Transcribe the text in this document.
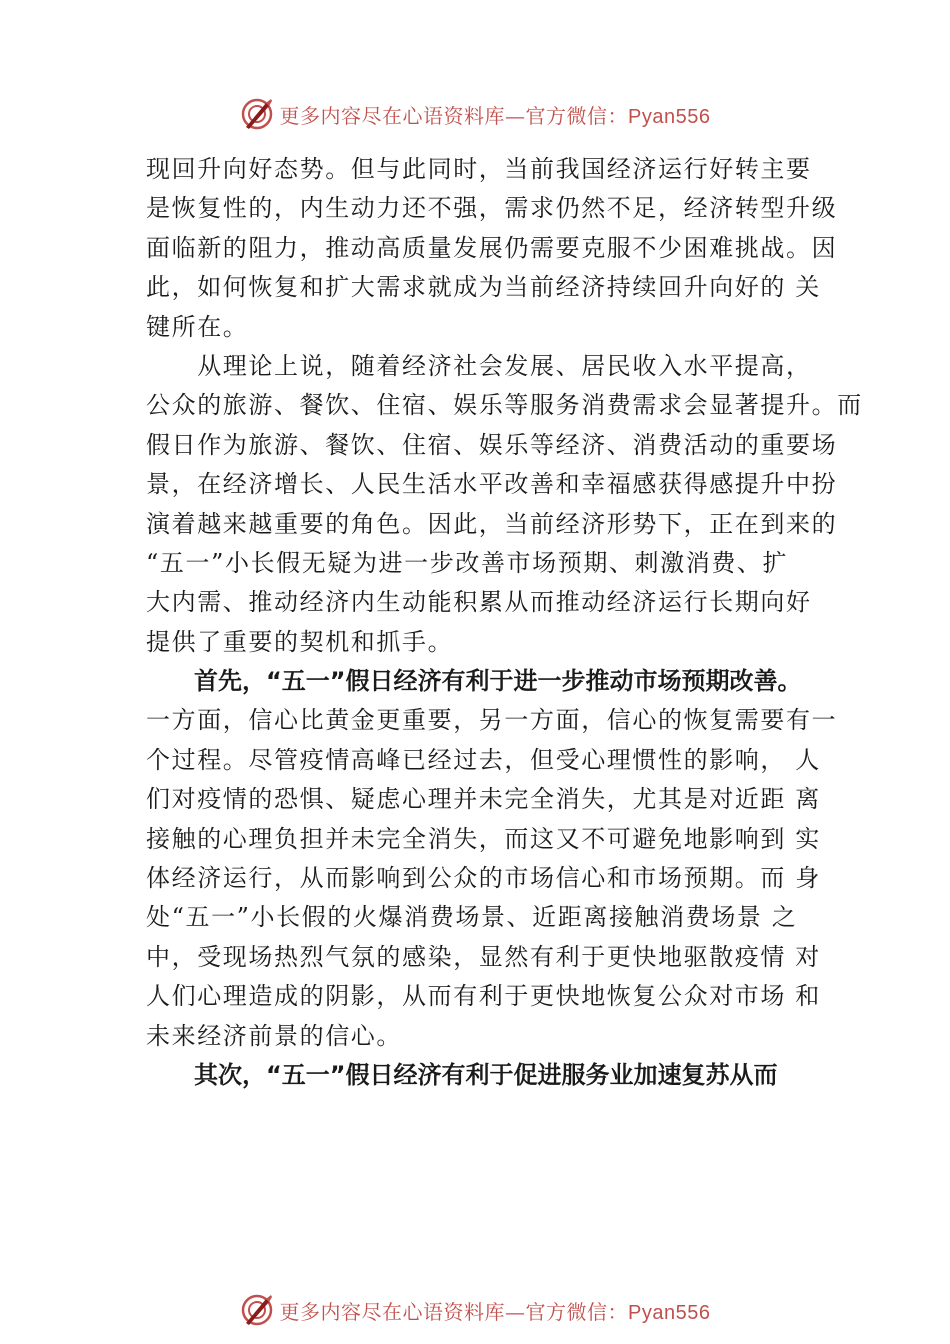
更多内容尽在心语资料库—官方微信：Pyan556
现回升向好态势。但与此同时，当前我国经济运行好转主要
是恢复性的，内生动力还不强，需求仍然不足，经济转型升级
面临新的阻力，推动高质量发展仍需要克服不少困难挑战。因
此，如何恢复和扩大需求就成为当前经济持续回升向好的 关
键所在。
　　从理论上说，随着经济社会发展、居民收入水平提高，
公众的旅游、餐饮、住宿、娱乐等服务消费需求会显著提升。而
假日作为旅游、餐饮、住宿、娱乐等经济、消费活动的重要场
景，在经济增长、人民生活水平改善和幸福感获得感提升中扮
演着越来越重要的角色。因此，当前经济形势下，正在到来的
“五一”小长假无疑为进一步改善市场预期、刺激消费、扩
大内需、推动经济内生动能积累从而推动经济运行长期向好
提供了重要的契机和抓手。
　　首先，“五一”假日经济有利于进一步推动市场预期改善。
一方面，信心比黄金更重要，另一方面，信心的恢复需要有一
个过程。尽管疫情高峰已经过去，但受心理惯性的影响， 人
们对疫情的恐惧、疑虑心理并未完全消失，尤其是对近距 离
接触的心理负担并未完全消失，而这又不可避免地影响到 实
体经济运行，从而影响到公众的市场信心和市场预期。而 身
处“五一”小长假的火爆消费场景、近距离接触消费场景 之
中，受现场热烈气氛的感染，显然有利于更快地驱散疫情 对
人们心理造成的阴影，从而有利于更快地恢复公众对市场 和
未来经济前景的信心。
　　其次，“五一”假日经济有利于促进服务业加速复苏从而
更多内容尽在心语资料库—官方微信：Pyan556
